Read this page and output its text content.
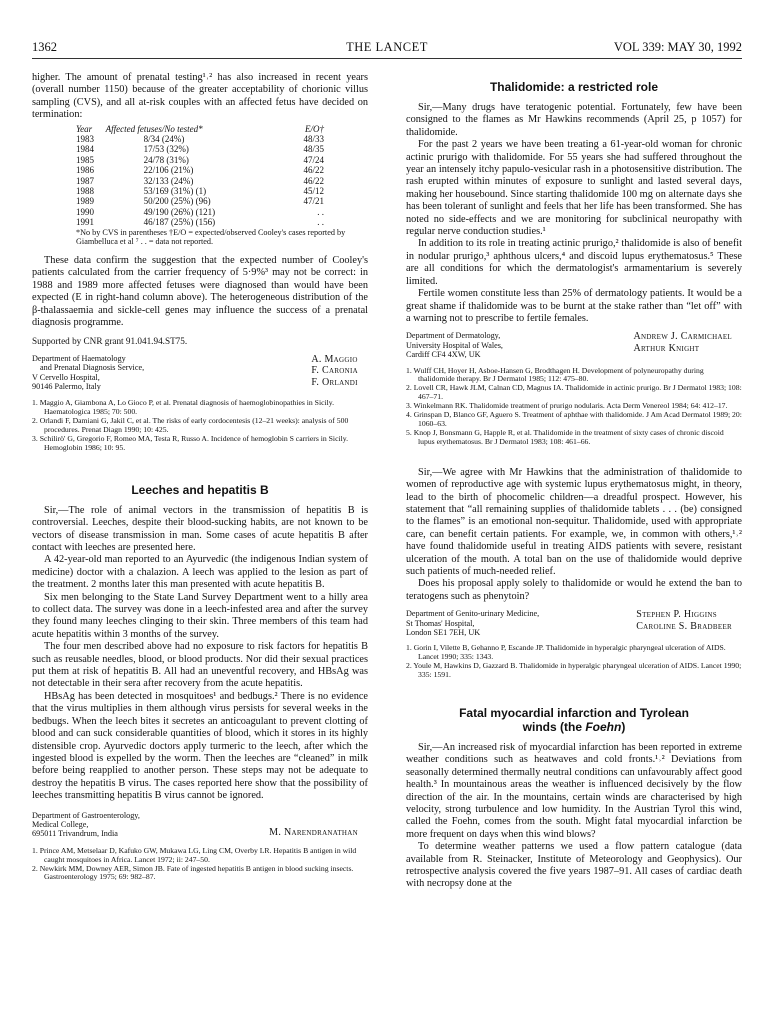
1362	THE LANCET	VOL 339: MAY 30, 1992

higher. The amount of prenatal testing¹˒² has also increased in recent years (overall number 1150) because of the greater acceptability of chorionic villus sampling (CVS), and all at-risk couples with an affected fetus have decided on termination:

Year	Affected fetuses/No tested*	E/O†
1983	8/34 (24%)	48/33
1984	17/53 (32%)	48/35
1985	24/78 (31%)	47/24
1986	22/106 (21%)	46/22
1987	32/133 (24%)	46/22
1988	53/169 (31%) (1)	45/12
1989	50/200 (25%) (96)	47/21
1990	49/190 (26%) (121)	. .
1991	46/187 (25%) (156)	. .
*No by CVS in parentheses †E/O = expected/observed Cooley's cases reported by Giambelluca et al ⁷ . . = data not reported.

These data confirm the suggestion that the expected number of Cooley's patients calculated from the carrier frequency of 5·9%³ may not be correct: in 1988 and 1989 more affected fetuses were diagnosed than would have been expected (E in right-hand column above). The heterogeneous distribution of the β-thalassaemia and sickle-cell genes may influence the success of a prenatal diagnosis programme.

Supported by CNR grant 91.041.94.ST75.

Department of Haematology
and Prenatal Diagnosis Service,
V Cervello Hospital,
90146 Palermo, Italy
A. Maggio
F. Caronia
F. Orlandi
1. Maggio A, Giambona A, Lo Gioco P, et al. Prenatal diagnosis of haemoglobinopathies in Sicily. Haematologica 1985; 70: 500.
2. Orlandi F, Damiani G, Jakil C, et al. The risks of early cordocentesis (12–21 weeks): analysis of 500 procedures. Prenat Diagn 1990; 10: 425.
3. Schilirò' G, Gregorio F, Romeo MA, Testa R, Russo A. Incidence of hemoglobin S carriers in Sicily. Hemoglobin 1986; 10: 95.
Leeches and hepatitis B

Sir,—The role of animal vectors in the transmission of hepatitis B is controversial. Leeches, despite their blood-sucking habits, are not known to be vectors of disease transmission in man. Some cases of acute hepatitis B after contact with leeches are presented here.

A 42-year-old man reported to an Ayurvedic (the indigenous Indian system of medicine) doctor with a chalazion. A leech was applied to the lesion as part of the treatment. 2 months later this man presented with acute hepatitis B.

Six men belonging to the State Land Survey Department went to a hilly area to collect data. The survey was done in a leech-infested area and after the survey they found many leeches clinging to their skin. Three members of this team had acute hepatitis within 3 months of the survey.

The four men described above had no exposure to risk factors for hepatitis B such as reusable needles, blood, or blood products. Nor did their sexual practices put them at risk of hepatitis B. All had an uneventful recovery, and HBsAg was not detectable in their sera after recovery from the acute hepatitis.

HBsAg has been detected in mosquitoes¹ and bedbugs.² There is no evidence that the virus multiplies in them although virus persists for several weeks in the bedbugs. When the leech bites it secretes an anticoagulant to prevent clotting of blood and can suck considerable quantities of blood, which it stores in its highly distensible crop. Ayurvedic doctors apply turmeric to the leech, after which the ingested blood is expelled by the worm. Then the leeches are “cleaned” in milk before being reapplied to another person. These steps may not be adequate to destroy the hepatitis B virus. The cases reported here show that the possibility of leeches transmitting hepatitis B virus cannot be ignored.

Department of Gastroenterology,
Medical College,
695011 Trivandrum, India	M. Narendranathan
1. Prince AM, Metselaar D, Kafuko GW, Mukawa LG, Ling CM, Overby LR. Hepatitis B antigen in wild caught mosquitoes in Africa. Lancet 1972; ii: 247–50.
2. Newkirk MM, Downey AER, Simon JB. Fate of ingested hepatitis B antigen in blood sucking insects. Gastroenterology 1975; 69: 982–87.
Thalidomide: a restricted role

Sir,—Many drugs have teratogenic potential. Fortunately, few have been consigned to the flames as Mr Hawkins recommends (April 25, p 1057) for thalidomide.

For the past 2 years we have been treating a 61-year-old woman for chronic actinic prurigo with thalidomide. For 55 years she had suffered throughout the year an intensely itchy papulo-vesicular rash in a photosensitive distribution. The rash erupted within minutes of exposure to sunlight and lasted several days, making her housebound. Since starting thalidomide 100 mg on alternate days she has been tolerant of sunlight and feels that her life has been transformed. She has noted no side-effects and we are monitoring for subclinical neuropathy with regular nerve conduction studies.¹

In addition to its role in treating actinic prurigo,² thalidomide is also of benefit in nodular prurigo,³ aphthous ulcers,⁴ and discoid lupus erythematosus.⁵ These are all conditions for which the dermatologist's armamentarium is severely limited.

Fertile women constitute less than 25% of dermatology patients. It would be a great shame if thalidomide was to be burnt at the stake rather than “let off” with a warning not to prescribe to fertile females.

Department of Dermatology,
University Hospital of Wales,
Cardiff CF4 4XW, UK
Andrew J. Carmichael
Arthur Knight
1. Wulff CH, Hoyer H, Asboe-Hansen G, Brodthagen H. Development of polyneuropathy during thalidomide therapy. Br J Dermatol 1985; 112: 475–80.
2. Lovell CR, Hawk JLM, Calnan CD, Magnus IA. Thalidomide in actinic prurigo. Br J Dermatol 1983; 108: 467–71.
3. Winkelmann RK. Thalidomide treatment of prurigo nodularis. Acta Derm Venereol 1984; 64: 412–17.
4. Grinspan D, Blanco GF, Aguero S. Treatment of aphthae with thalidomide. J Am Acad Dermatol 1989; 20: 1060–63.
5. Knop J, Bonsmann G, Happle R, et al. Thalidomide in the treatment of sixty cases of chronic discoid lupus erythematosus. Br J Dermatol 1983; 108: 461–66.

Sir,—We agree with Mr Hawkins that the administration of thalidomide to women of reproductive age with systemic lupus erythematosus might, in theory, lead to the birth of phocomelic children—a dreadful prospect. However, his statement that “all remaining supplies of thalidomide tablets . . . (be) consigned to the flames” is an emotional non-sequitur. Thalidomide, used with appropriate care, can benefit certain patients. For example, we, in common with others,¹˒² have found thalidomide useful in treating AIDS patients with severe, resistant ulceration of the mouth. A total ban on the use of thalidomide would deprive such patients of much-needed relief.

Does his proposal apply solely to thalidomide or would he extend the ban to teratogens such as phenytoin?

Department of Genito-urinary Medicine,
St Thomas' Hospital,
London SE1 7EH, UK
Stephen P. Higgins
Caroline S. Bradbeer
1. Gorin I, Vilette B, Gehanno P, Escande JP. Thalidomide in hyperalgic pharyngeal ulceration of AIDS. Lancet 1990; 335: 1343.
2. Youle M, Hawkins D, Gazzard B. Thalidomide in hyperalgic pharyngeal ulceration of AIDS. Lancet 1990; 335: 1591.
Fatal myocardial infarction and Tyrolean
winds (the Foehn)

Sir,—An increased risk of myocardial infarction has been reported in extreme weather conditions such as heatwaves and cold fronts.¹˒² Deviations from seasonally determined thermally neutral conditions can unfavourably affect good health.³ In mountainous areas the weather is influenced decisively by the flow direction of the air. In the mountains, certain winds are characterised by high velocity, strong turbulence and low humidity. In the Austrian Tyrol this wind, called the Foehn, comes from the south. Might fatal myocardial infarction be more frequent on days when this wind blows?

To determine weather patterns we used a flow pattern catalogue (data available from R. Steinacker, Institute of Meteorology and Geophysics). Our retrospective analysis covered the five years 1987–91. All cases of cardiac death with necropsy done at the
